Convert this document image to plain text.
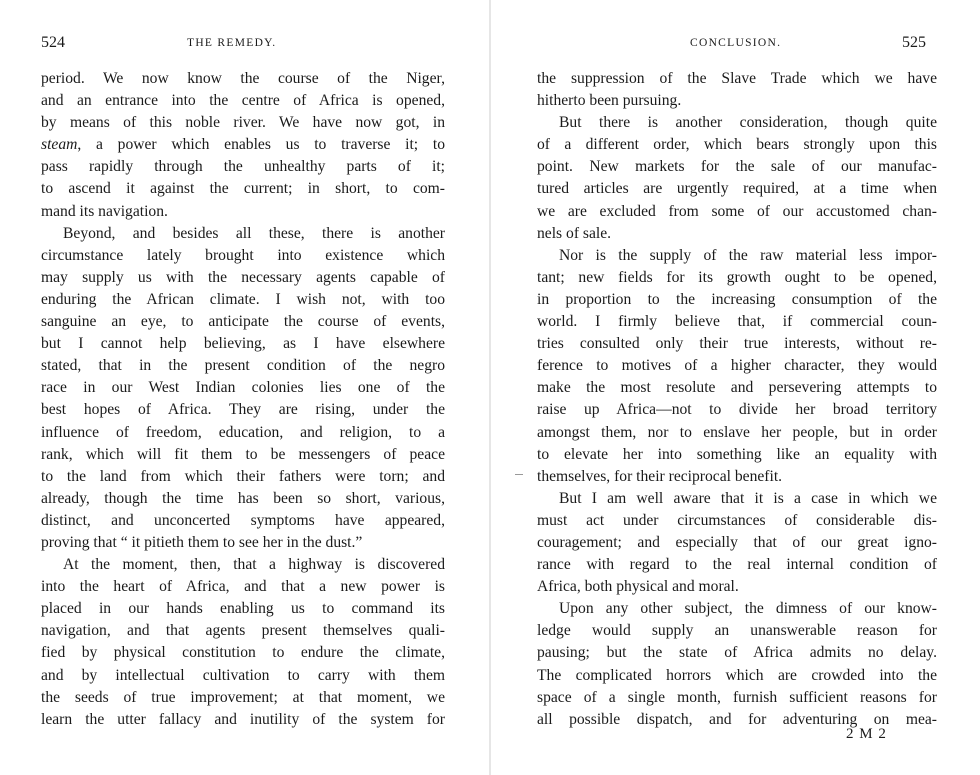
524	THE REMEDY.
period. We now know the course of the Niger,
and an entrance into the centre of Africa is opened,
by means of this noble river. We have now got, in
steam, a power which enables us to traverse it; to
pass rapidly through the unhealthy parts of it;
to ascend it against the current; in short, to com-
mand its navigation.
Beyond, and besides all these, there is another
circumstance lately brought into existence which
may supply us with the necessary agents capable of
enduring the African climate. I wish not, with too
sanguine an eye, to anticipate the course of events,
but I cannot help believing, as I have elsewhere
stated, that in the present condition of the negro
race in our West Indian colonies lies one of the
best hopes of Africa. They are rising, under the
influence of freedom, education, and religion, to a
rank, which will fit them to be messengers of peace
to the land from which their fathers were torn; and
already, though the time has been so short, various,
distinct, and unconcerted symptoms have appeared,
proving that “ it pitieth them to see her in the dust.”
At the moment, then, that a highway is discovered
into the heart of Africa, and that a new power is
placed in our hands enabling us to command its
navigation, and that agents present themselves quali-
fied by physical constitution to endure the climate,
and by intellectual cultivation to carry with them
the seeds of true improvement; at that moment, we
learn the utter fallacy and inutility of the system for
CONCLUSION.	525
the suppression of the Slave Trade which we have
hitherto been pursuing.
But there is another consideration, though quite
of a different order, which bears strongly upon this
point. New markets for the sale of our manufac-
tured articles are urgently required, at a time when
we are excluded from some of our accustomed chan-
nels of sale.
Nor is the supply of the raw material less impor-
tant; new fields for its growth ought to be opened,
in proportion to the increasing consumption of the
world. I firmly believe that, if commercial coun-
tries consulted only their true interests, without re-
ference to motives of a higher character, they would
make the most resolute and persevering attempts to
raise up Africa—not to divide her broad territory
amongst them, nor to enslave her people, but in order
to elevate her into something like an equality with
themselves, for their reciprocal benefit.
But I am well aware that it is a case in which we
must act under circumstances of considerable dis-
couragement; and especially that of our great igno-
rance with regard to the real internal condition of
Africa, both physical and moral.
Upon any other subject, the dimness of our know-
ledge would supply an unanswerable reason for
pausing; but the state of Africa admits no delay.
The complicated horrors which are crowded into the
space of a single month, furnish sufficient reasons for
all possible dispatch, and for adventuring on mea-
2 M 2
